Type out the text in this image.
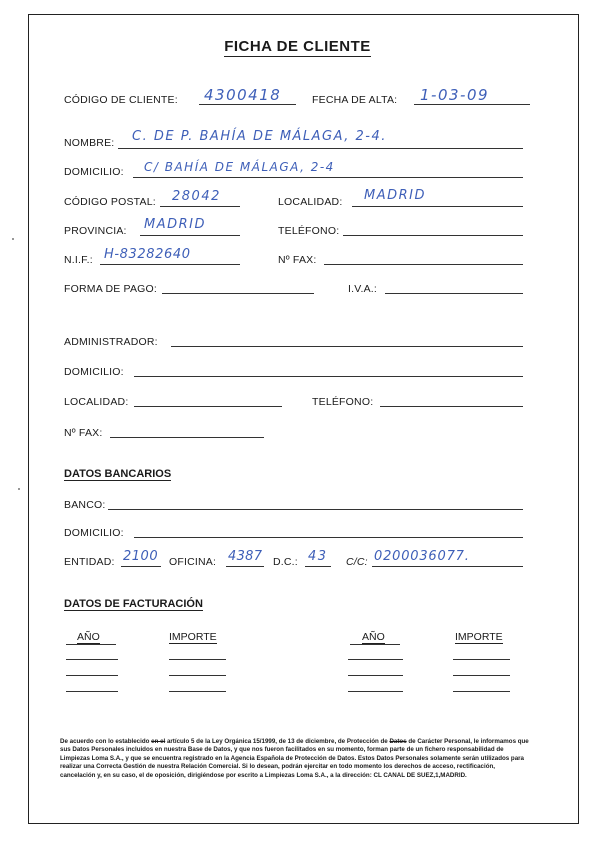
FICHA DE CLIENTE
CÓDIGO DE CLIENTE: 4300418	FECHA DE ALTA: 1-03-09
NOMBRE: C. DE P. BAHÍA DE MÁLAGA, 2-4.
DOMICILIO: C/ BAHÍA DE MÁLAGA, 2-4
CÓDIGO POSTAL: 28042	LOCALIDAD: MADRID
PROVINCIA: MADRID	TELÉFONO:
N.I.F.: H-83282640	Nº FAX:
FORMA DE PAGO:	I.V.A.:
ADMINISTRADOR:
DOMICILIO:
LOCALIDAD:	TELÉFONO:
Nº FAX:
DATOS BANCARIOS
BANCO:
DOMICILIO:
ENTIDAD: 2100 OFICINA: 4387 D.C.: 43 C/C: 0200036077.
DATOS DE FACTURACIÓN
AÑO	IMPORTE	AÑO	IMPORTE
De acuerdo con lo establecido en el artículo 5 de la Ley Orgánica 15/1999, de 13 de diciembre, de Protección de Datos de Carácter Personal, le informamos que sus Datos Personales incluidos en nuestra Base de Datos, y que nos fueron facilitados en su momento, forman parte de un fichero responsabilidad de Limpiezas Loma S.A., y que se encuentra registrado en la Agencia Española de Protección de Datos. Estos Datos Personales solamente serán utilizados para realizar una Correcta Gestión de nuestra Relación Comercial. Si lo desean, podrán ejercitar en todo momento los derechos de acceso, rectificación, cancelación y, en su caso, el de oposición, dirigiéndose por escrito a Limpiezas Loma S.A., a la dirección: CL CANAL DE SUEZ,1,MADRID.
